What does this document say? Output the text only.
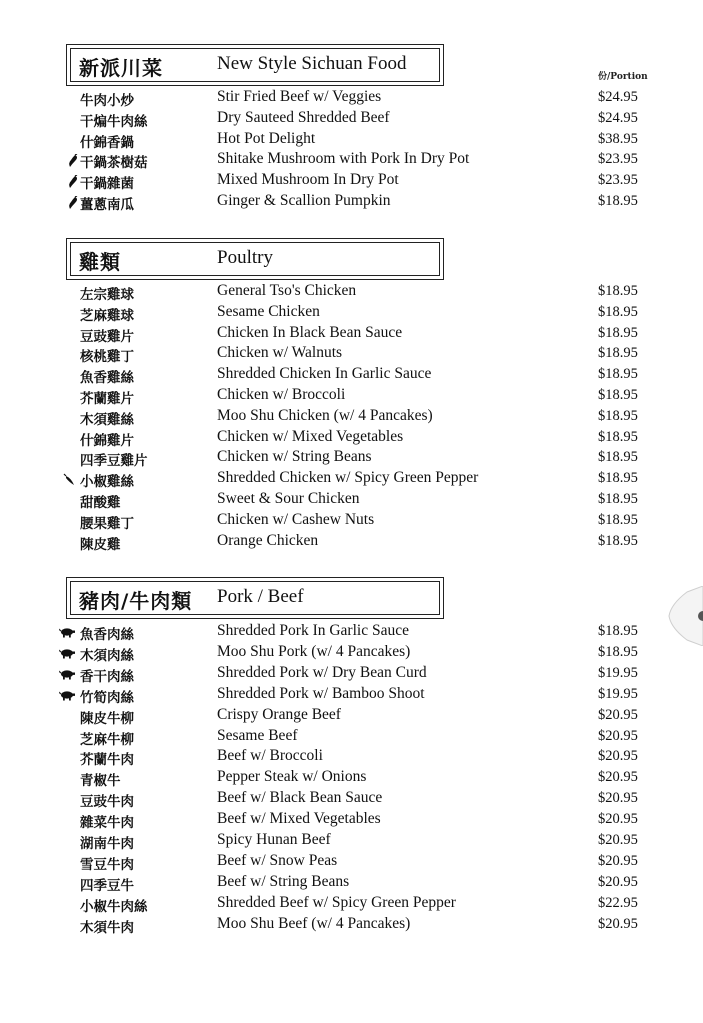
新派川菜	New Style Sichuan Food
份/Portion
牛肉小炒	Stir Fried Beef w/ Veggies	$24.95
干煸牛肉絲	Dry Sauteed Shredded Beef	$24.95
什錦香鍋	Hot Pot Delight	$38.95
干鍋茶樹菇	Shitake Mushroom with Pork In Dry Pot	$23.95
干鍋雜菌	Mixed Mushroom In Dry Pot	$23.95
薑蔥南瓜	Ginger & Scallion Pumpkin	$18.95
雞類	Poultry
左宗雞球	General Tso's Chicken	$18.95
芝麻雞球	Sesame Chicken	$18.95
豆豉雞片	Chicken In Black Bean Sauce	$18.95
核桃雞丁	Chicken w/ Walnuts	$18.95
魚香雞絲	Shredded Chicken In Garlic Sauce	$18.95
芥蘭雞片	Chicken w/ Broccoli	$18.95
木須雞絲	Moo Shu Chicken (w/ 4 Pancakes)	$18.95
什錦雞片	Chicken w/ Mixed Vegetables	$18.95
四季豆雞片	Chicken w/ String Beans	$18.95
小椒雞絲	Shredded Chicken w/ Spicy Green Pepper	$18.95
甜酸雞	Sweet & Sour Chicken	$18.95
腰果雞丁	Chicken w/ Cashew Nuts	$18.95
陳皮雞	Orange Chicken	$18.95
豬肉/牛肉類 Pork / Beef
魚香肉絲	Shredded Pork In Garlic Sauce	$18.95
木須肉絲	Moo Shu Pork (w/ 4 Pancakes)	$18.95
香干肉絲	Shredded Pork w/ Dry Bean Curd	$19.95
竹筍肉絲	Shredded Pork w/ Bamboo Shoot	$19.95
陳皮牛柳	Crispy Orange Beef	$20.95
芝麻牛柳	Sesame Beef	$20.95
芥蘭牛肉	Beef w/ Broccoli	$20.95
青椒牛	Pepper Steak w/ Onions	$20.95
豆豉牛肉	Beef w/ Black Bean Sauce	$20.95
雜菜牛肉	Beef w/ Mixed Vegetables	$20.95
湖南牛肉	Spicy Hunan Beef	$20.95
雪豆牛肉	Beef w/ Snow Peas	$20.95
四季豆牛	Beef w/ String Beans	$20.95
小椒牛肉絲	Shredded Beef w/ Spicy Green Pepper	$22.95
木須牛肉	Moo Shu Beef (w/ 4 Pancakes)	$20.95
